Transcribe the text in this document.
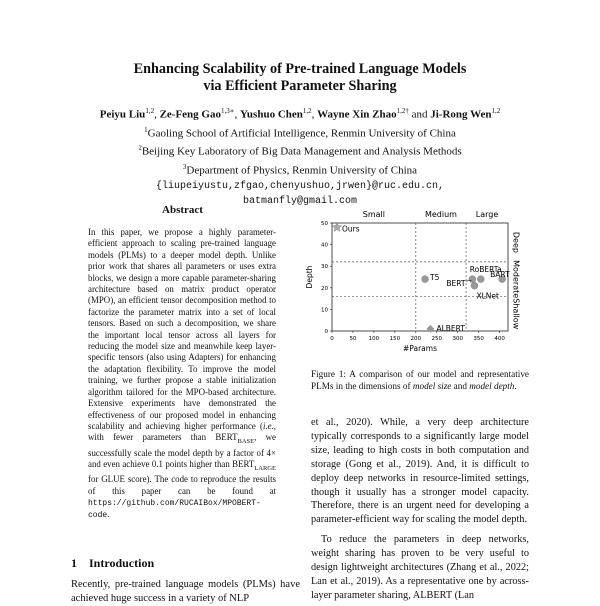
Enhancing Scalability of Pre-trained Language Models
via Efficient Parameter Sharing
Peiyu Liu$^{1,2}$, Ze-Feng Gao$^{1,3∗}$, Yushuo Chen$^{1,2}$, Wayne Xin Zhao$^{1,2\dagger}$ and Ji-Rong Wen$^{1,2}$
$^1$Gaoling School of Artificial Intelligence, Renmin University of China
$^2$Beijing Key Laboratory of Big Data Management and Analysis Methods
$^3$Department of Physics, Renmin University of China
{liupeiyustu,zfgao,chenyushuo,jrwen}@ruc.edu.cn,
batmanfly@gmail.com
Abstract
In this paper, we propose a highly parameter-efficient approach to scaling pre-trained language models (PLMs) to a deeper model depth. Unlike prior work that shares all parameters or uses extra blocks, we design a more capable parameter-sharing architecture based on matrix product operator (MPO), an efficient tensor decomposition method to factorize the parameter matrix into a set of local tensors. Based on such a decomposition, we share the important local tensor across all layers for reducing the model size and meanwhile keep layer-specific tensors (also using Adapters) for enhancing the adaptation flexibility. To improve the model training, we further propose a stable initialization algorithm tailored for the MPO-based architecture. Extensive experiments have demonstrated the effectiveness of our proposed model in enhancing scalability and achieving higher performance (i.e., with fewer parameters than $BERT_{BASE}$, we successfully scale the model depth by a factor of 4× and even achieve 0.1 points higher than $BERT_{LARGE}$ for GLUE score). The code to reproduce the results of this paper can be found at https://github.com/RUCAIBox/MPOBERT-code.
1 Introduction
Recently, pre-trained language models (PLMs) have achieved huge success in a variety of NLP
Small	Medium Large
Deep
Moderate
Shallow
0	50 100 150 200 250 300 350 400
0
10
20
30
40
50
#Params
Depth
Ours
T5
ALBERT
RoBERTa
BERT
XLNet
BART
Figure 1: A comparison of our model and representative PLMs in the dimensions of model size and model depth.

et al., 2020). While, a very deep architecture typically corresponds to a significantly large model size, leading to high costs in both computation and storage (Gong et al., 2019). And, it is difficult to deploy deep networks in resource-limited settings, though it usually has a stronger model capacity. Therefore, there is an urgent need for developing a parameter-efficient way for scaling the model depth.

To reduce the parameters in deep networks, weight sharing has proven to be very useful to design lightweight architectures (Zhang et al., 2022; Lan et al., 2019). As a representative one by across-layer parameter sharing, ALBERT (Lan
